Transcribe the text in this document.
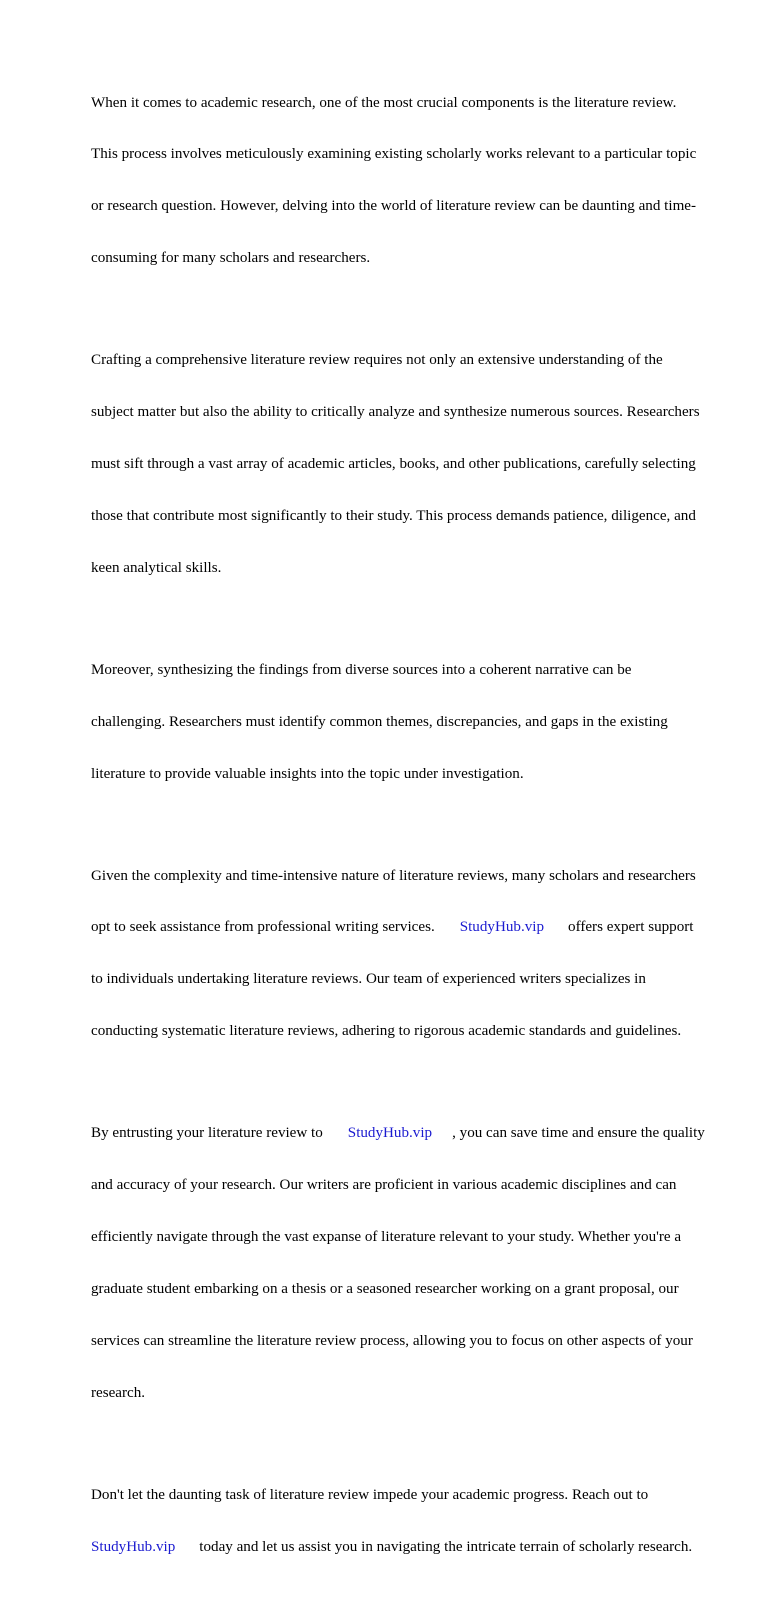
When it comes to academic research, one of the most crucial components is the literature review.

This process involves meticulously examining existing scholarly works relevant to a particular topic

or research question. However, delving into the world of literature review can be daunting and time-

consuming for many scholars and researchers.

Crafting a comprehensive literature review requires not only an extensive understanding of the

subject matter but also the ability to critically analyze and synthesize numerous sources. Researchers

must sift through a vast array of academic articles, books, and other publications, carefully selecting

those that contribute most significantly to their study. This process demands patience, diligence, and

keen analytical skills.

Moreover, synthesizing the findings from diverse sources into a coherent narrative can be

challenging. Researchers must identify common themes, discrepancies, and gaps in the existing

literature to provide valuable insights into the topic under investigation.

Given the complexity and time-intensive nature of literature reviews, many scholars and researchers

opt to seek assistance from professional writing services. StudyHub.vip offers expert support

to individuals undertaking literature reviews. Our team of experienced writers specializes in

conducting systematic literature reviews, adhering to rigorous academic standards and guidelines.

By entrusting your literature review to StudyHub.vip , you can save time and ensure the quality

and accuracy of your research. Our writers are proficient in various academic disciplines and can

efficiently navigate through the vast expanse of literature relevant to your study. Whether you're a

graduate student embarking on a thesis or a seasoned researcher working on a grant proposal, our

services can streamline the literature review process, allowing you to focus on other aspects of your

research.

Don't let the daunting task of literature review impede your academic progress. Reach out to

StudyHub.vip today and let us assist you in navigating the intricate terrain of scholarly research.
